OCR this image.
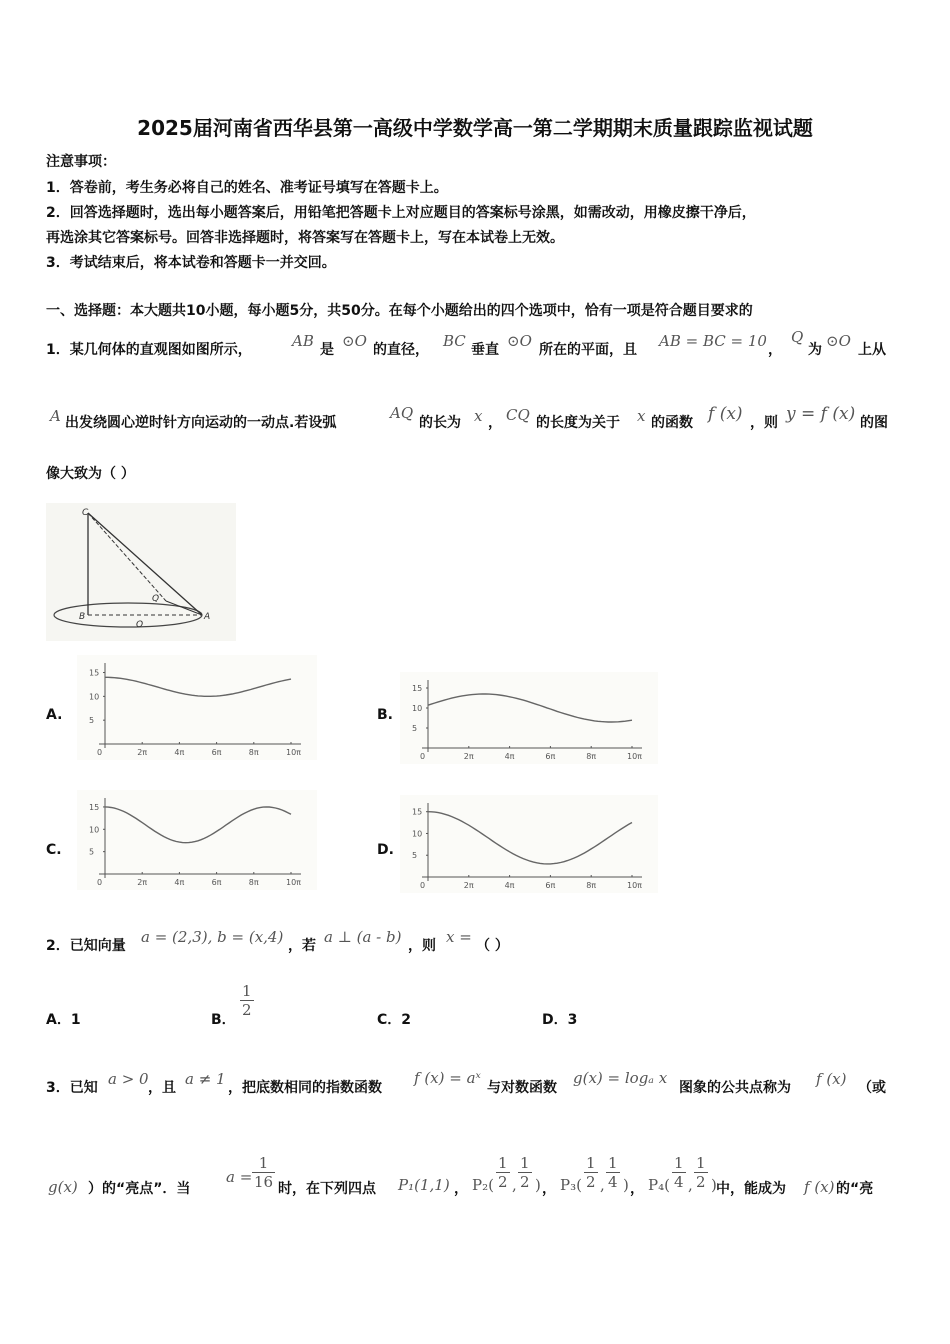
2025届河南省西华县第一高级中学数学高一第二学期期末质量跟踪监视试题
注意事项：
1．答卷前，考生务必将自己的姓名、准考证号填写在答题卡上。
2．回答选择题时，选出每小题答案后，用铅笔把答题卡上对应题目的答案标号涂黑，如需改动，用橡皮擦干净后，
再选涂其它答案标号。回答非选择题时，将答案写在答题卡上，写在本试卷上无效。
3．考试结束后，将本试卷和答题卡一并交回。
一、选择题：本大题共10小题，每小题5分，共50分。在每个小题给出的四个选项中，恰有一项是符合题目要求的
1．某几何体的直观图如图所示，	AB 是 ⊙O 的直径， BC 垂直 ⊙O 所在的平面，且 AB = BC = 10 ，
Q
为 ⊙O 上从
A 出发绕圆心逆时针方向运动的一动点.若设弧
AQ
的长为 x ， CQ 的长度为关于 x 的函数 f (x) ，则 y = f (x) 的图
像大致为（ ）
C
B	A
O
Q
A.	B.
C.	D.
15
10
5
0	2π	4π	6π	8π	10π
15
10
5
0	2π	4π	6π	8π	10π
15
10
5
0	2π	4π	6π	8π	10π
15
10
5
0	2π	4π	6π	8π	10π
2．已知向量 a = (2,3), b = (x,4) ，若 a ⊥ (a - b) ，则 x = （ ）
A．1	B．
$\frac{1}{2}$
C．2	D．3
3．已知 a > 0 ，且 a ≠ 1 ，把底数相同的指数函数
f (x) = aˣ
与对数函数
g(x) = logₐ x
图象的公共点称为 f (x) （或
g(x) ）的“亮点”．当
$a = \frac{1}{16}$ 时，在下列四点 P₁(1,1) ， $P_2( \frac{1}{2}$ , $\frac{1}{2}$ ) ， $P_3( \frac{1}{2}$ , $\frac{1}{4}$ ) ， $P_4( \frac{1}{4}$ , $\frac{1}{2}$ ) 中，能成为 f (x) 的“亮
